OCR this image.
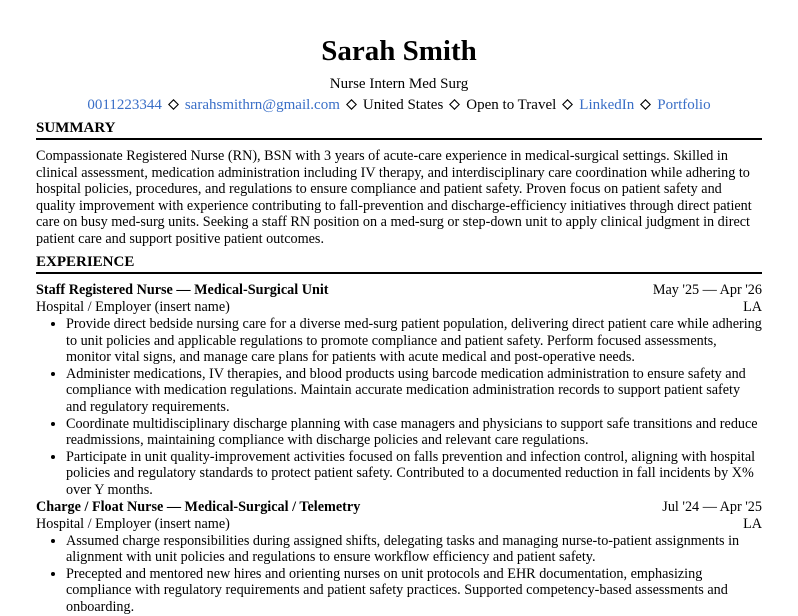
Sarah Smith
Nurse Intern Med Surg
0011223344 sarahsmithrn@gmail.com United States Open to Travel LinkedIn Portfolio
SUMMARY
Compassionate Registered Nurse (RN), BSN with 3 years of acute-care experience in medical-surgical settings. Skilled in clinical assessment, medication administration including IV therapy, and interdisciplinary care coordination while adhering to hospital policies, procedures, and regulations to ensure compliance and patient safety. Proven focus on patient safety and quality improvement with experience contributing to fall-prevention and discharge-efficiency initiatives through direct patient care on busy med-surg units. Seeking a staff RN position on a med-surg or step-down unit to apply clinical judgment in direct patient care and support positive patient outcomes.
EXPERIENCE
Staff Registered Nurse — Medical-Surgical Unit	May '25 — Apr '26
Hospital / Employer (insert name)	LA
• Provide direct bedside nursing care for a diverse med-surg patient population, delivering direct patient care while adhering to unit policies and applicable regulations to promote compliance and patient safety. Perform focused assessments, monitor vital signs, and manage care plans for patients with acute medical and post-operative needs.
• Administer medications, IV therapies, and blood products using barcode medication administration to ensure safety and compliance with medication regulations. Maintain accurate medication administration records to support patient safety and regulatory requirements.
• Coordinate multidisciplinary discharge planning with case managers and physicians to support safe transitions and reduce readmissions, maintaining compliance with discharge policies and relevant care regulations.
• Participate in unit quality-improvement activities focused on falls prevention and infection control, aligning with hospital policies and regulatory standards to protect patient safety. Contributed to a documented reduction in fall incidents by X% over Y months.
Charge / Float Nurse — Medical-Surgical / Telemetry	Jul '24 — Apr '25
Hospital / Employer (insert name)	LA
• Assumed charge responsibilities during assigned shifts, delegating tasks and managing nurse-to-patient assignments in alignment with unit policies and regulations to ensure workflow efficiency and patient safety.
• Precepted and mentored new hires and orienting nurses on unit protocols and EHR documentation, emphasizing compliance with regulatory requirements and patient safety practices. Supported competency-based assessments and onboarding.
